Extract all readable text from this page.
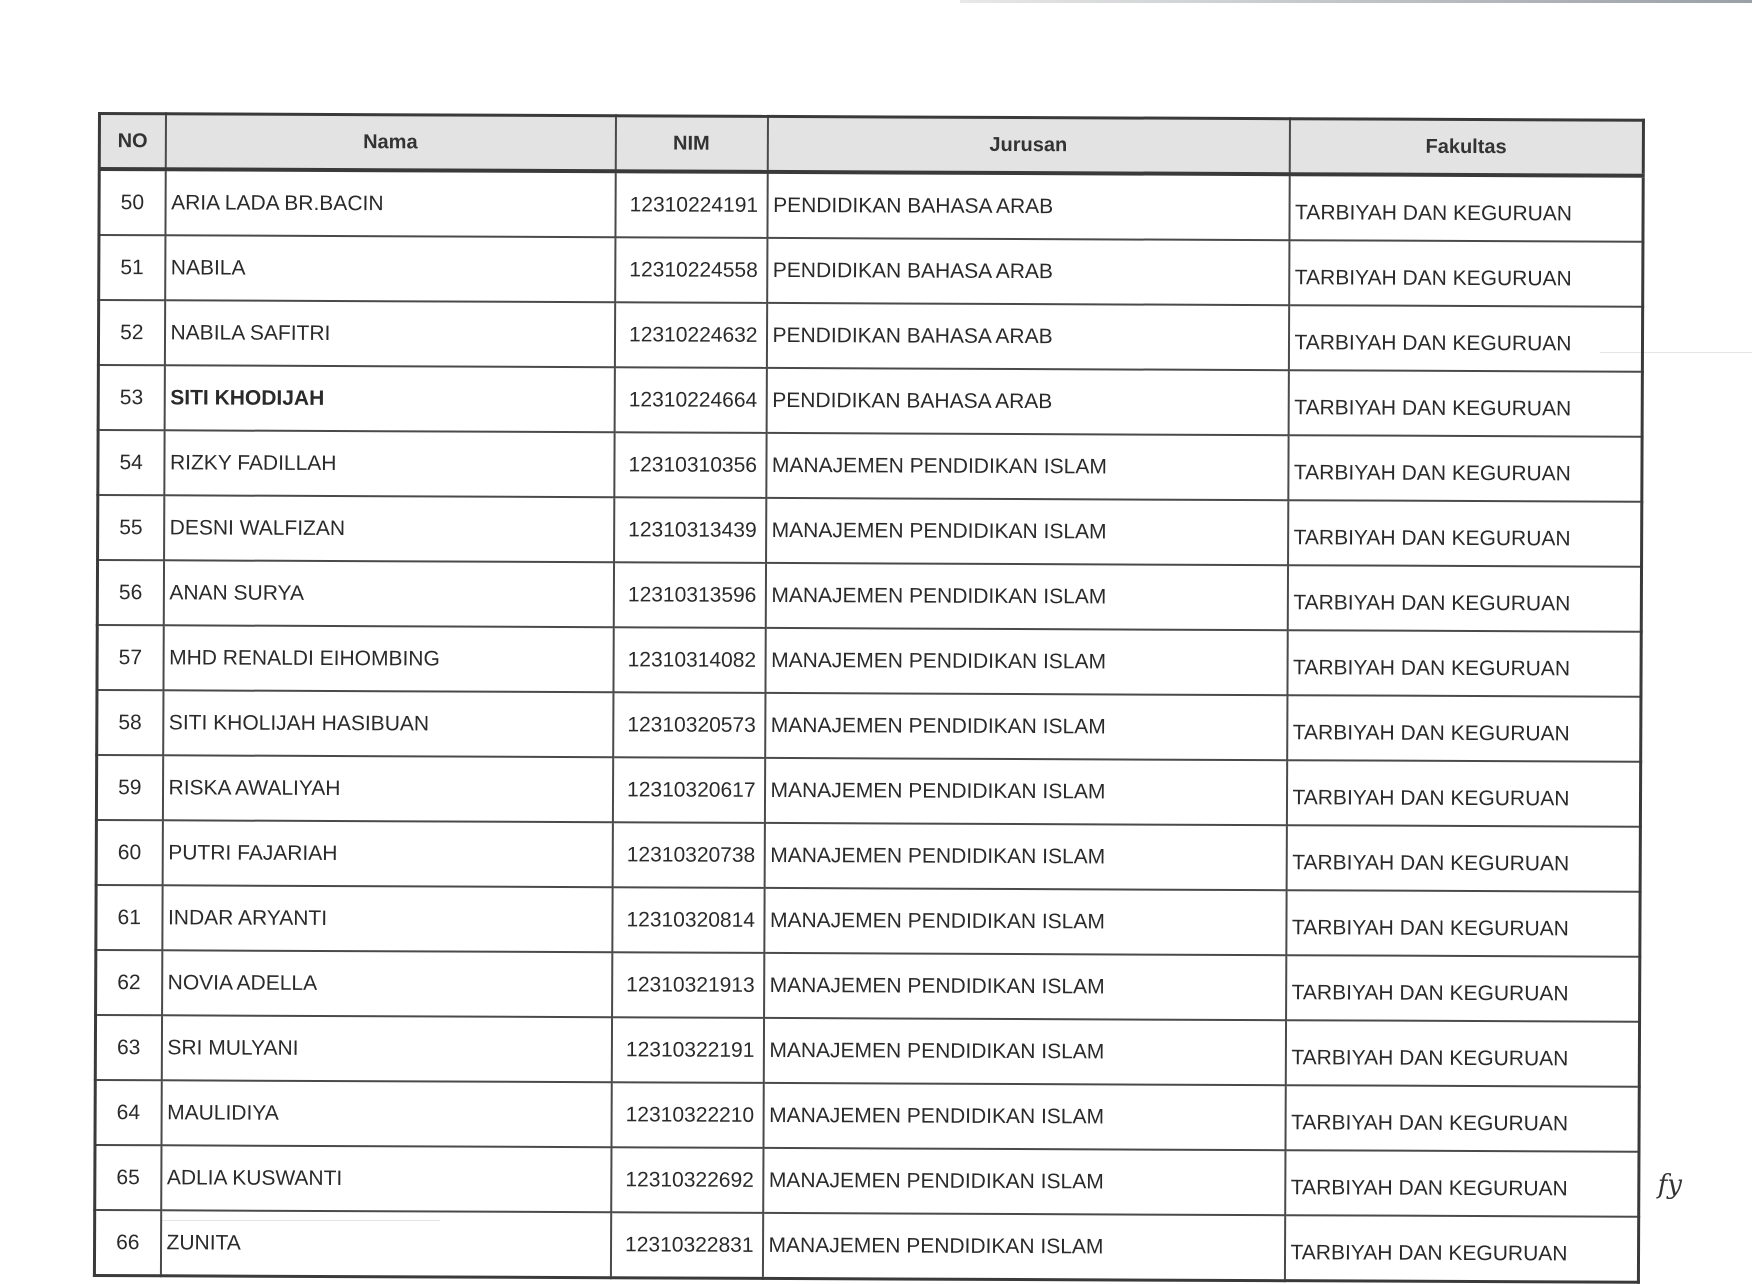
NO	Nama	NIM	Jurusan	Fakultas
50	ARIA LADA BR.BACIN	12310224191	PENDIDIKAN BAHASA ARAB	TARBIYAH DAN KEGURUAN
51	NABILA	12310224558	PENDIDIKAN BAHASA ARAB	TARBIYAH DAN KEGURUAN
52	NABILA SAFITRI	12310224632	PENDIDIKAN BAHASA ARAB	TARBIYAH DAN KEGURUAN
53	SITI KHODIJAH	12310224664	PENDIDIKAN BAHASA ARAB	TARBIYAH DAN KEGURUAN
54	RIZKY FADILLAH	12310310356	MANAJEMEN PENDIDIKAN ISLAM	TARBIYAH DAN KEGURUAN
55	DESNI WALFIZAN	12310313439	MANAJEMEN PENDIDIKAN ISLAM	TARBIYAH DAN KEGURUAN
56	ANAN SURYA	12310313596	MANAJEMEN PENDIDIKAN ISLAM	TARBIYAH DAN KEGURUAN
57	MHD RENALDI EIHOMBING	12310314082	MANAJEMEN PENDIDIKAN ISLAM	TARBIYAH DAN KEGURUAN
58	SITI KHOLIJAH HASIBUAN	12310320573	MANAJEMEN PENDIDIKAN ISLAM	TARBIYAH DAN KEGURUAN
59	RISKA AWALIYAH	12310320617	MANAJEMEN PENDIDIKAN ISLAM	TARBIYAH DAN KEGURUAN
60	PUTRI FAJARIAH	12310320738	MANAJEMEN PENDIDIKAN ISLAM	TARBIYAH DAN KEGURUAN
61	INDAR ARYANTI	12310320814	MANAJEMEN PENDIDIKAN ISLAM	TARBIYAH DAN KEGURUAN
62	NOVIA ADELLA	12310321913	MANAJEMEN PENDIDIKAN ISLAM	TARBIYAH DAN KEGURUAN
63	SRI MULYANI	12310322191	MANAJEMEN PENDIDIKAN ISLAM	TARBIYAH DAN KEGURUAN
64	MAULIDIYA	12310322210	MANAJEMEN PENDIDIKAN ISLAM	TARBIYAH DAN KEGURUAN
65	ADLIA KUSWANTI	12310322692	MANAJEMEN PENDIDIKAN ISLAM	TARBIYAH DAN KEGURUAN
66	ZUNITA	12310322831	MANAJEMEN PENDIDIKAN ISLAM	TARBIYAH DAN KEGURUAN
𝑓𝑦
